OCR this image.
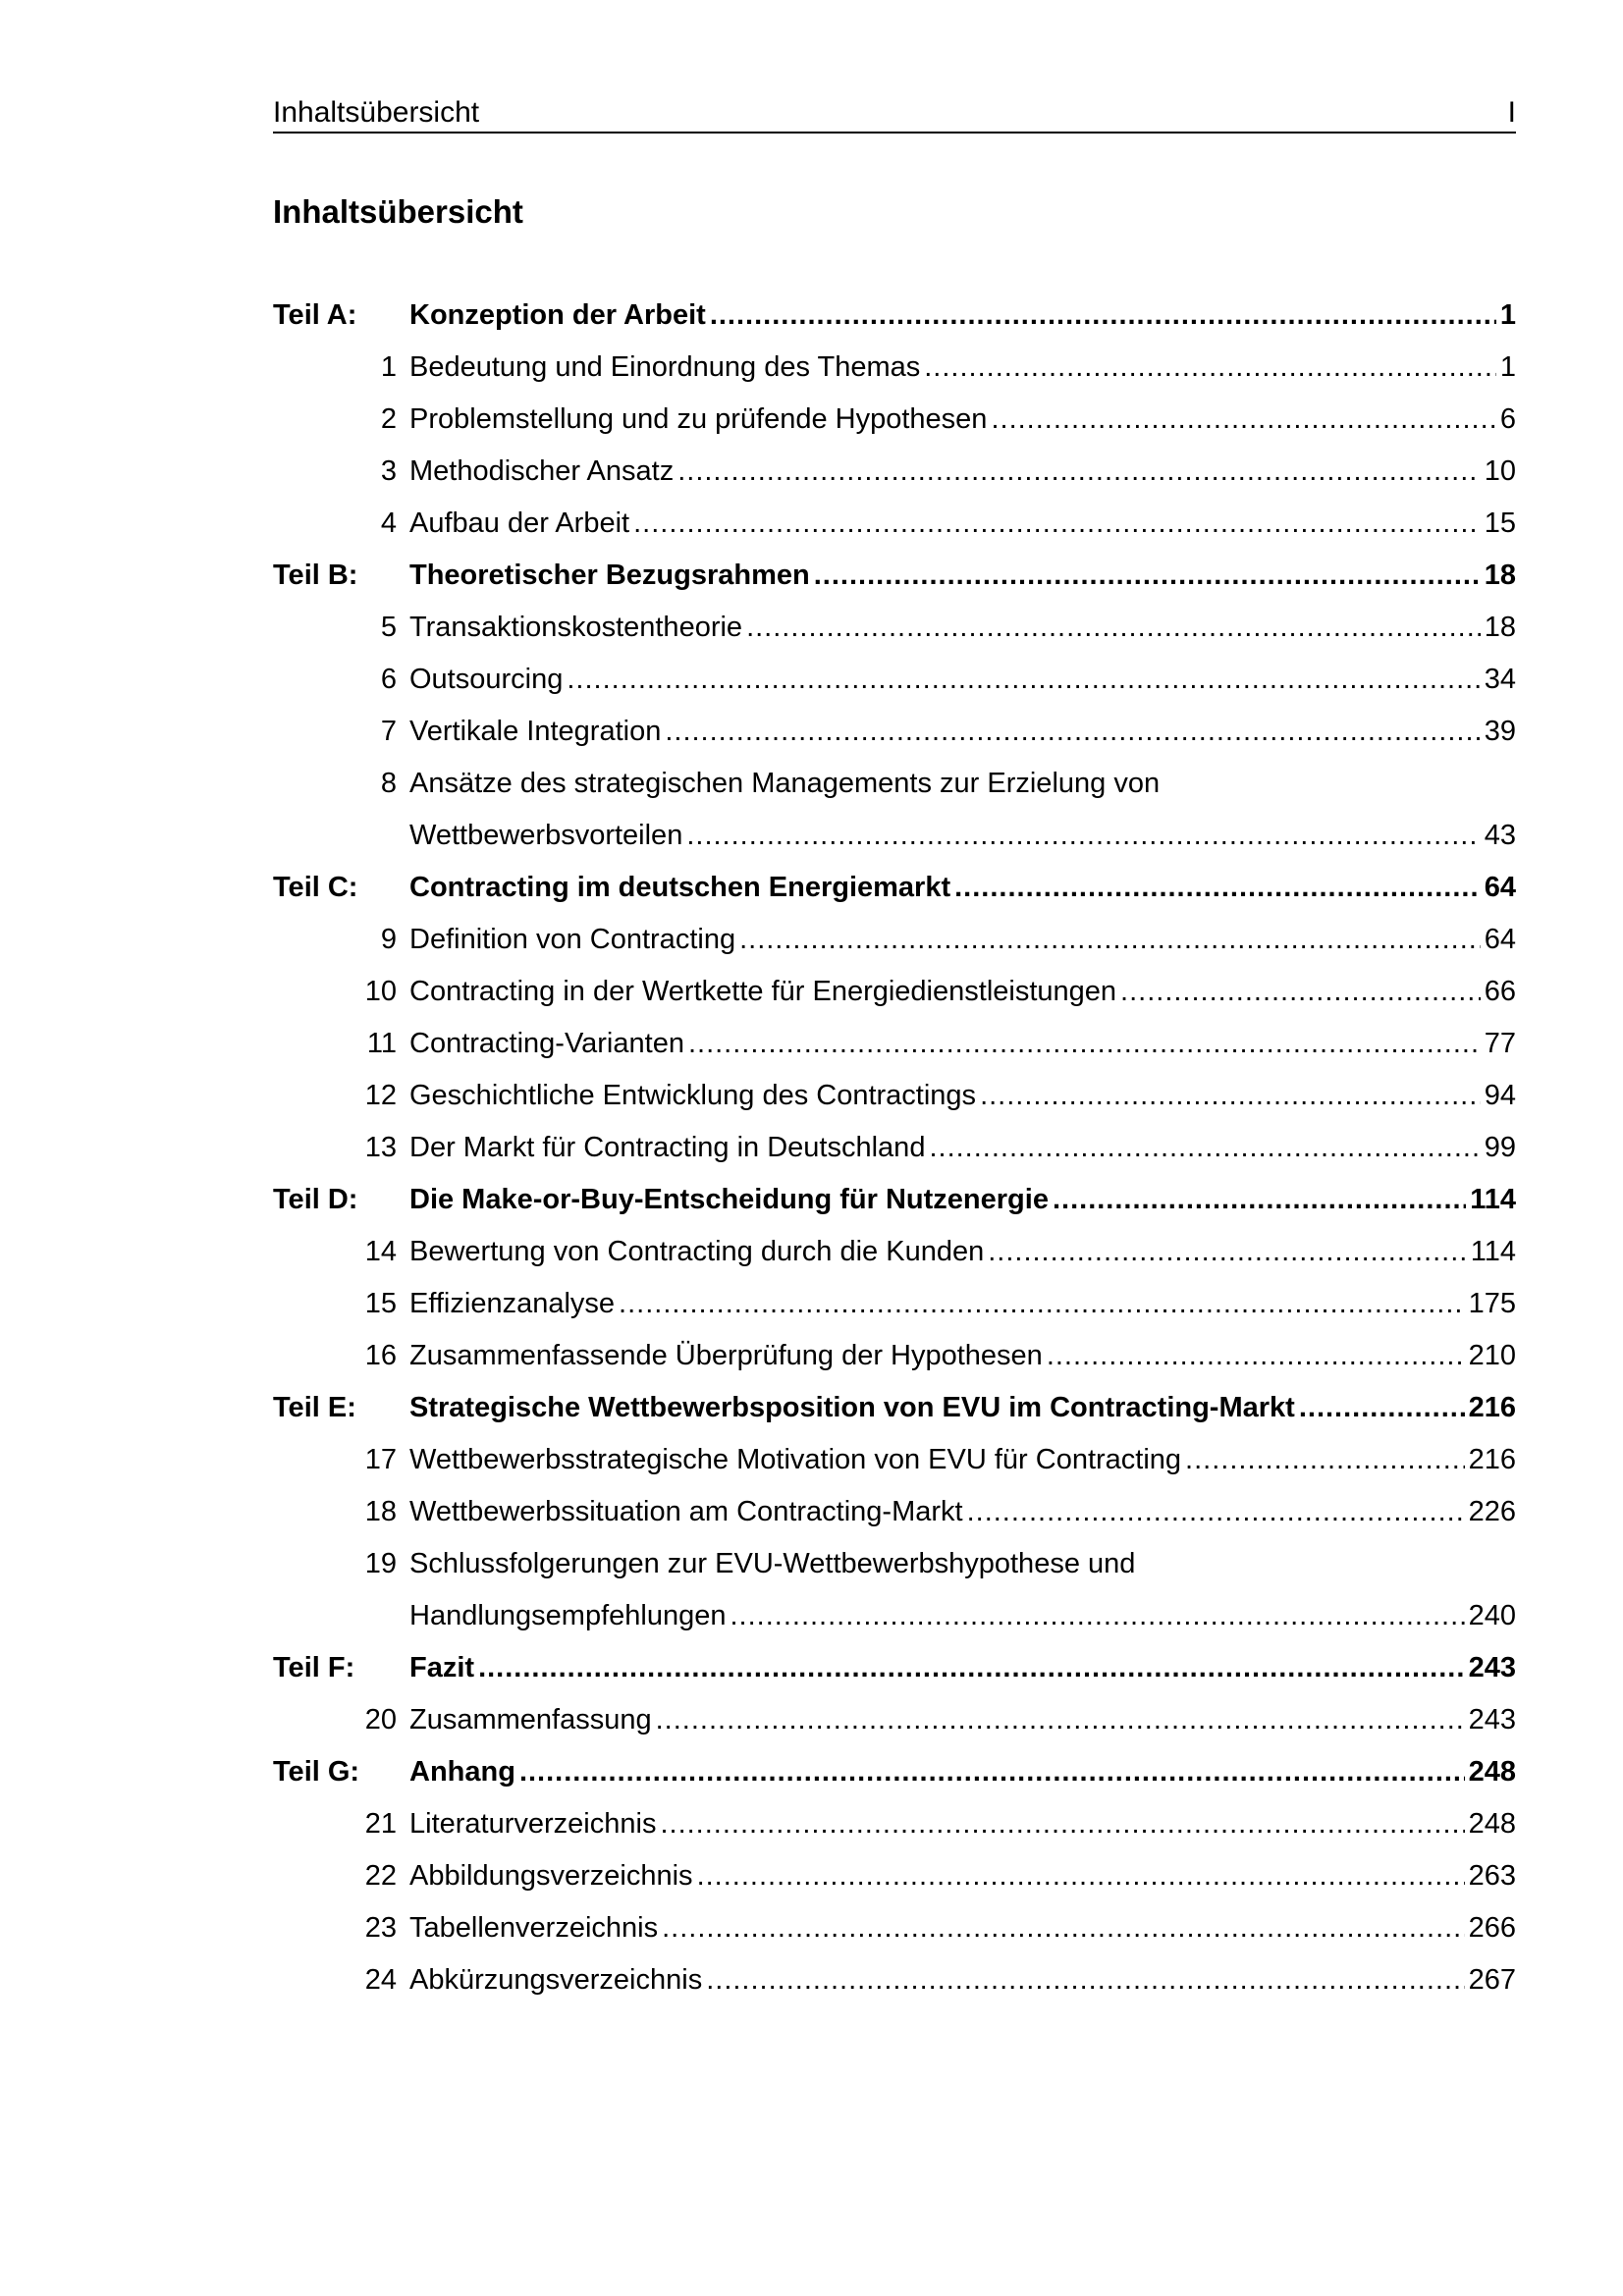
Inhaltsübersicht	I
Inhaltsübersicht
Teil A: Konzeption der Arbeit .....	1
1 Bedeutung und Einordnung des Themas .....	1
2 Problemstellung und zu prüfende Hypothesen .....	6
3 Methodischer Ansatz .....	10
4 Aufbau der Arbeit .....	15
Teil B: Theoretischer Bezugsrahmen .....	18
5 Transaktionskostentheorie .....	18
6 Outsourcing .....	34
7 Vertikale Integration .....	39
8 Ansätze des strategischen Managements zur Erzielung von
Wettbewerbsvorteilen .....	43
Teil C: Contracting im deutschen Energiemarkt .....	64
9 Definition von Contracting .....	64
10 Contracting in der Wertkette für Energiedienstleistungen .....	66
11 Contracting-Varianten .....	77
12 Geschichtliche Entwicklung des Contractings .....	94
13 Der Markt für Contracting in Deutschland .....	99
Teil D: Die Make-or-Buy-Entscheidung für Nutzenergie .....	114
14 Bewertung von Contracting durch die Kunden .....	114
15 Effizienzanalyse .....	175
16 Zusammenfassende Überprüfung der Hypothesen .....	210
Teil E: Strategische Wettbewerbsposition von EVU im Contracting-Markt .....	216
17 Wettbewerbsstrategische Motivation von EVU für Contracting .....	216
18 Wettbewerbssituation am Contracting-Markt .....	226
19 Schlussfolgerungen zur EVU-Wettbewerbshypothese und
Handlungsempfehlungen .....	240
Teil F: Fazit .....	243
20 Zusammenfassung .....	243
Teil G: Anhang .....	248
21 Literaturverzeichnis .....	248
22 Abbildungsverzeichnis .....	263
23 Tabellenverzeichnis .....	266
24 Abkürzungsverzeichnis .....	267
